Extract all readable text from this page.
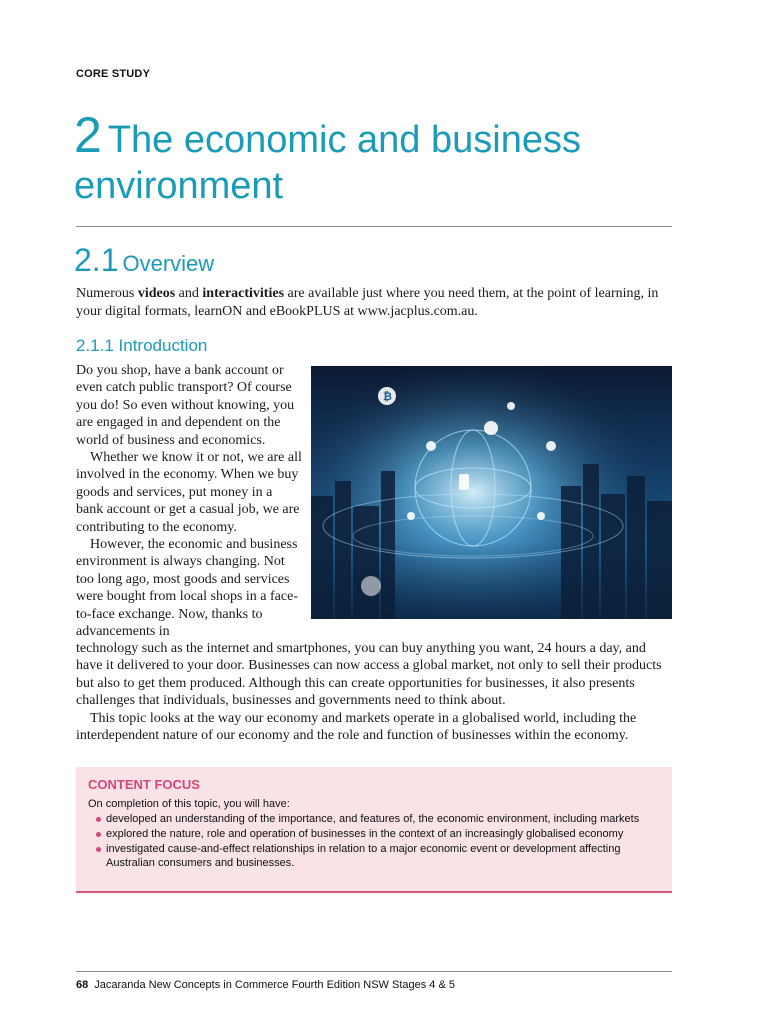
CORE STUDY
2 The economic and business environment
2.1 Overview

Numerous videos and interactivities are available just where you need them, at the point of learning, in your digital formats, learnON and eBookPLUS at www.jacplus.com.au.

2.1.1 Introduction

Do you shop, have a bank account or even catch public transport? Of course you do! So even without knowing, you are engaged in and dependent on the world of business and economics.

Whether we know it or not, we are all involved in the economy. When we buy goods and services, put money in a bank account or get a casual job, we are contributing to the economy.

However, the economic and business environment is always changing. Not too long ago, most goods and services were bought from local shops in a face-to-face exchange. Now, thanks to advancements in

₿

technology such as the internet and smartphones, you can buy anything you want, 24 hours a day, and have it delivered to your door. Businesses can now access a global market, not only to sell their products but also to get them produced. Although this can create opportunities for businesses, it also presents challenges that individuals, businesses and governments need to think about.

This topic looks at the way our economy and markets operate in a globalised world, including the interdependent nature of our economy and the role and function of businesses within the economy.

CONTENT FOCUS
On completion of this topic, you will have:
developed an understanding of the importance, and features of, the economic environment, including markets
explored the nature, role and operation of businesses in the context of an increasingly globalised economy
investigated cause-and-effect relationships in relation to a major economic event or development affecting Australian consumers and businesses.
68 Jacaranda New Concepts in Commerce Fourth Edition NSW Stages 4 & 5
